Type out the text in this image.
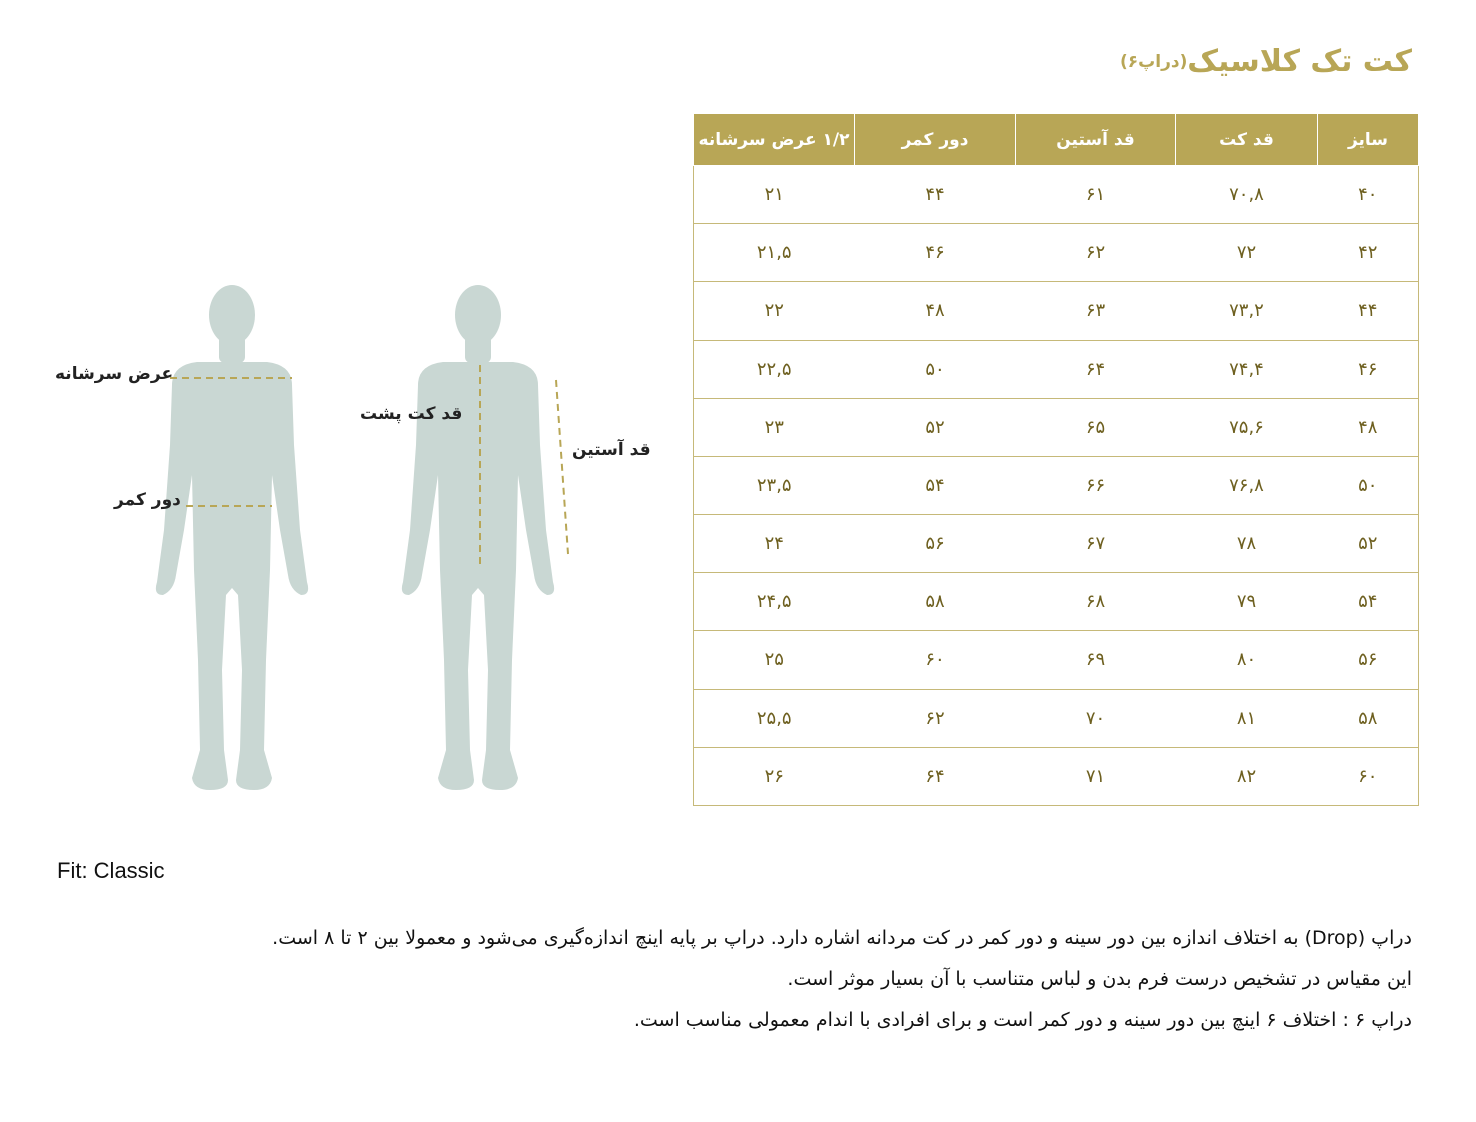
کت تک کلاسیک
(دراپ۶)
سایز	قد کت	قد آستین	دور کمر	۱/۲ عرض سرشانه
۴۰	۷۰,۸	۶۱	۴۴	۲۱
۴۲	۷۲	۶۲	۴۶	۲۱,۵
۴۴	۷۳,۲	۶۳	۴۸	۲۲
۴۶	۷۴,۴	۶۴	۵۰	۲۲,۵
۴۸	۷۵,۶	۶۵	۵۲	۲۳
۵۰	۷۶,۸	۶۶	۵۴	۲۳,۵
۵۲	۷۸	۶۷	۵۶	۲۴
۵۴	۷۹	۶۸	۵۸	۲۴,۵
۵۶	۸۰	۶۹	۶۰	۲۵
۵۸	۸۱	۷۰	۶۲	۲۵,۵
۶۰	۸۲	۷۱	۶۴	۲۶
عرض سرشانه
دور کمر
قد کت پشت
قد آستین
Fit: Classic

دراپ (Drop) به اختلاف اندازه بین دور سینه و دور کمر در کت مردانه اشاره دارد. دراپ بر پایه اینچ اندازه‌گیری می‌شود و معمولا بین ۲ تا ۸ است.

این مقیاس در تشخیص درست فرم بدن و لباس متناسب با آن بسیار موثر است.

دراپ ۶ : اختلاف ۶ اینچ بین دور سینه و دور کمر است و برای افرادی با اندام معمولی مناسب است.
